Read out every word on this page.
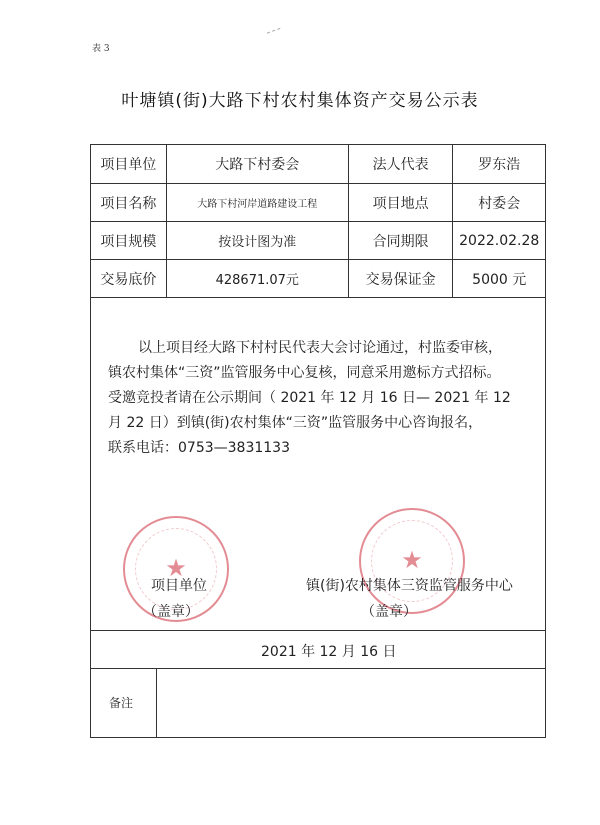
表 3
叶塘镇(街)大路下村农村集体资产交易公示表
项目单位	大路下村委会	法人代表	罗东浩
项目名称	大路下村河岸道路建设工程	项目地点	村委会
项目规模	按设计图为准	合同期限	2022.02.28
交易底价	428671.07元	交易保证金	5000 元

以上项目经大路下村村民代表大会讨论通过，村监委审核，

镇农村集体“三资”监管服务中心复核，同意采用邀标方式招标。

受邀竞投者请在公示期间（ 2021 年 12 月 16 日— 2021 年 12

月 22 日）到镇(街)农村集体“三资”监管服务中心咨询报名，

联系电话：0753—3831133

★	★
项目单位
（盖章）
镇(街)农村集体三资监管服务中心
（盖章）
2021 年 12 月 16 日
备注
